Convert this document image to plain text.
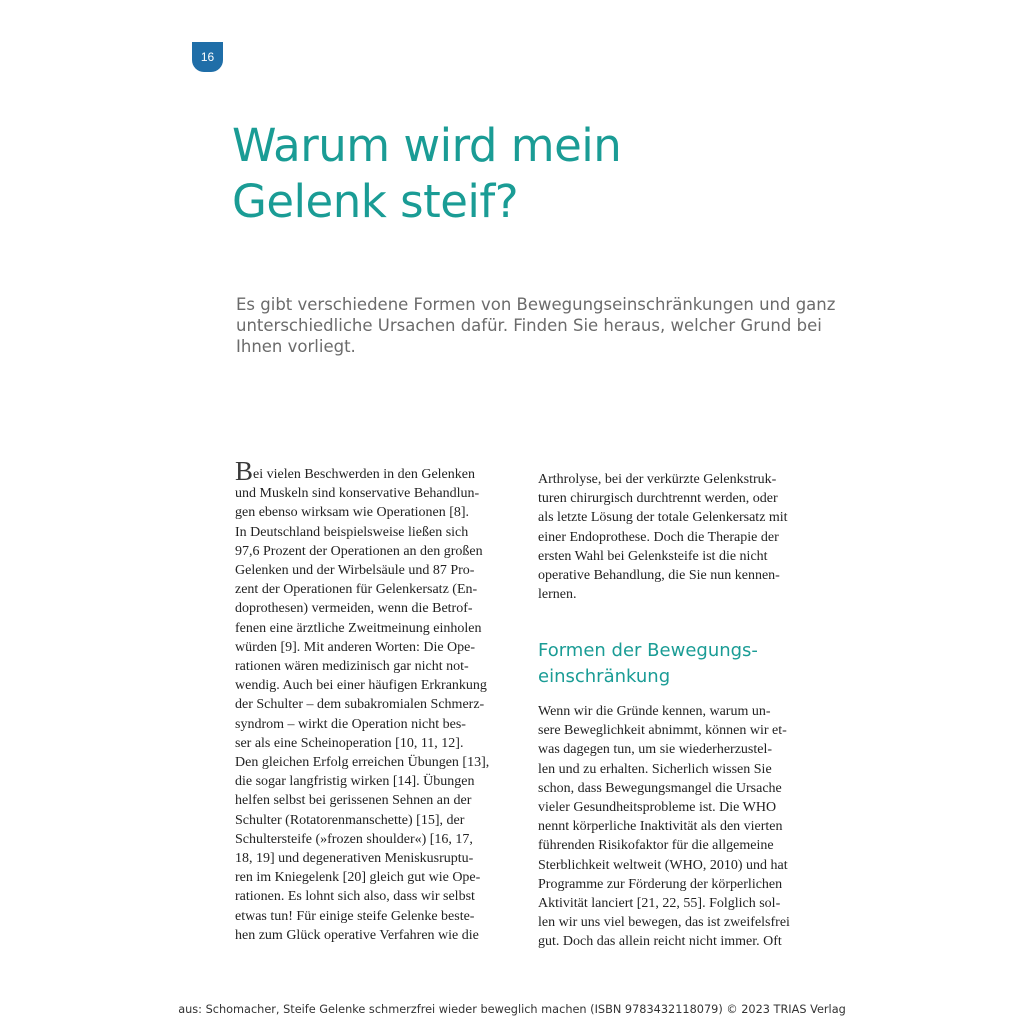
16
Warum wird mein
Gelenk steif?

Es gibt verschiedene Formen von Bewegungseinschränkungen und ganz
unterschiedliche Ursachen dafür. Finden Sie heraus, welcher Grund bei
Ihnen vorliegt.

Bei vielen Beschwerden in den Gelenken
und Muskeln sind konservative Behandlun-
gen ebenso wirksam wie Operationen [8].
In Deutschland beispielsweise ließen sich
97,6 Prozent der Operationen an den großen
Gelenken und der Wirbelsäule und 87 Pro-
zent der Operationen für Gelenkersatz (En-
doprothesen) vermeiden, wenn die Betrof-
fenen eine ärztliche Zweitmeinung einholen
würden [9]. Mit anderen Worten: Die Ope-
rationen wären medizinisch gar nicht not-
wendig. Auch bei einer häufigen Erkrankung
der Schulter – dem subakromialen Schmerz-
syndrom – wirkt die Operation nicht bes-
ser als eine Scheinoperation [10, 11, 12].
Den gleichen Erfolg erreichen Übungen [13],
die sogar langfristig wirken [14]. Übungen
helfen selbst bei gerissenen Sehnen an der
Schulter (Rotatorenmanschette) [15], der
Schultersteife (»frozen shoulder«) [16, 17,
18, 19] und degenerativen Meniskusruptu-
ren im Kniegelenk [20] gleich gut wie Ope-
rationen. Es lohnt sich also, dass wir selbst
etwas tun! Für einige steife Gelenke beste-
hen zum Glück operative Verfahren wie die
Arthrolyse, bei der verkürzte Gelenkstruk-
turen chirurgisch durchtrennt werden, oder
als letzte Lösung der totale Gelenkersatz mit
einer Endoprothese. Doch die Therapie der
ersten Wahl bei Gelenksteife ist die nicht
operative Behandlung, die Sie nun kennen-
lernen.
Formen der Bewegungs-
einschränkung
Wenn wir die Gründe kennen, warum un-
sere Beweglichkeit abnimmt, können wir et-
was dagegen tun, um sie wiederherzustel-
len und zu erhalten. Sicherlich wissen Sie
schon, dass Bewegungsmangel die Ursache
vieler Gesundheitsprobleme ist. Die WHO
nennt körperliche Inaktivität als den vierten
führenden Risikofaktor für die allgemeine
Sterblichkeit weltweit (WHO, 2010) und hat
Programme zur Förderung der körperlichen
Aktivität lanciert [21, 22, 55]. Folglich sol-
len wir uns viel bewegen, das ist zweifelsfrei
gut. Doch das allein reicht nicht immer. Oft
aus: Schomacher, Steife Gelenke schmerzfrei wieder beweglich machen (ISBN 9783432118079) © 2023 TRIAS Verlag
